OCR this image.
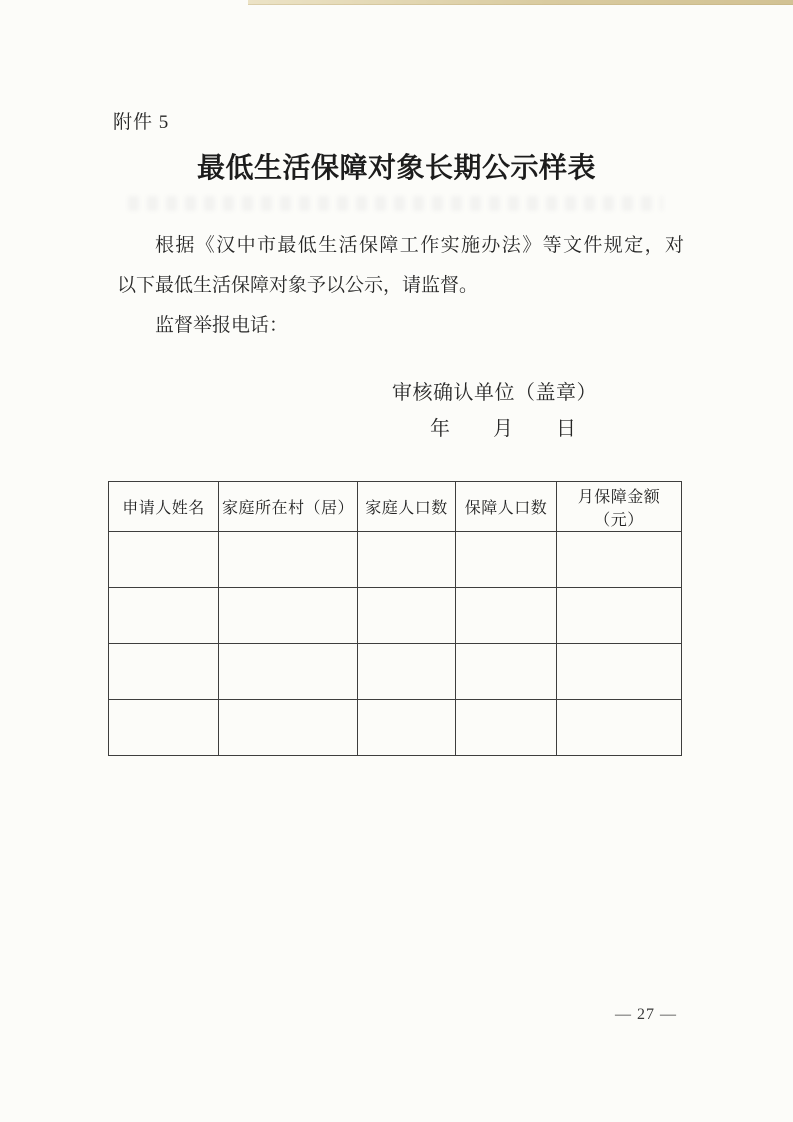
附件 5
最低生活保障对象长期公示样表
根据《汉中市最低生活保障工作实施办法》等文件规定，对
以下最低生活保障对象予以公示，请监督。
监督举报电话：
审核确认单位（盖章）
年 月 日
申请人姓名	家庭所在村（居）	家庭人口数	保障人口数	月保障金额（元）

— 27 —
